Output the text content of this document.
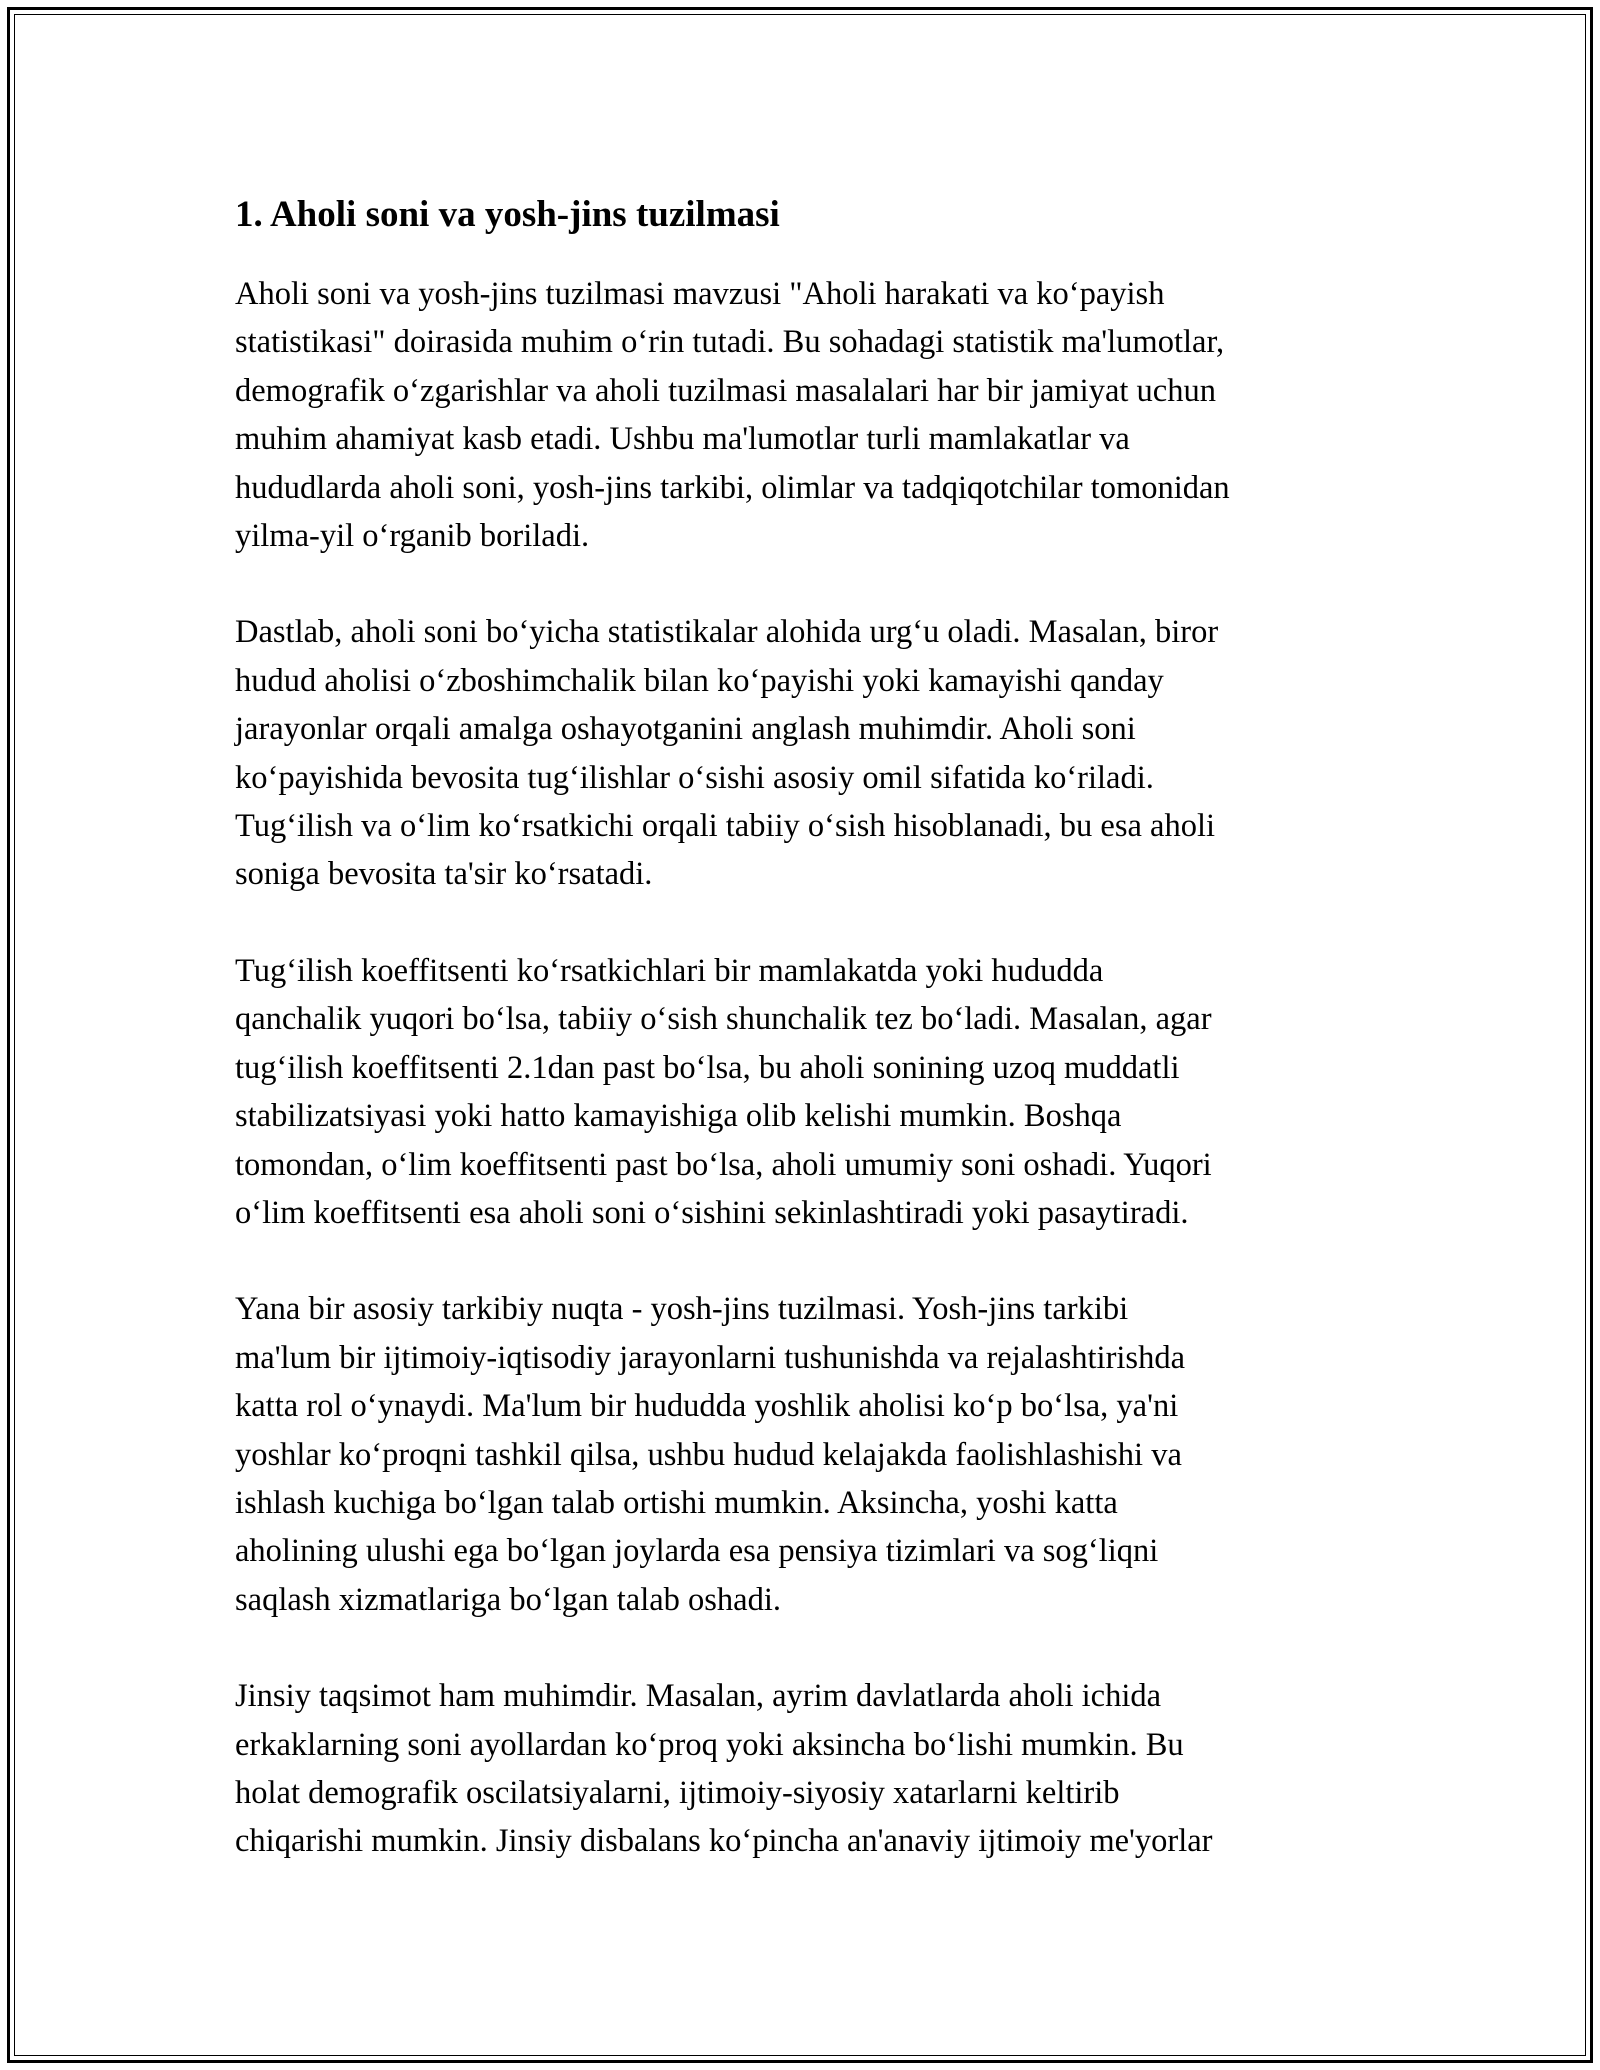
1. Aholi soni va yosh-jins tuzilmasi

Aholi soni va yosh-jins tuzilmasi mavzusi "Aholi harakati va ko‘payish
statistikasi" doirasida muhim o‘rin tutadi. Bu sohadagi statistik ma'lumotlar,
demografik o‘zgarishlar va aholi tuzilmasi masalalari har bir jamiyat uchun
muhim ahamiyat kasb etadi. Ushbu ma'lumotlar turli mamlakatlar va
hududlarda aholi soni, yosh-jins tarkibi, olimlar va tadqiqotchilar tomonidan
yilma-yil o‘rganib boriladi.

Dastlab, aholi soni bo‘yicha statistikalar alohida urg‘u oladi. Masalan, biror
hudud aholisi o‘zboshimchalik bilan ko‘payishi yoki kamayishi qanday
jarayonlar orqali amalga oshayotganini anglash muhimdir. Aholi soni
ko‘payishida bevosita tug‘ilishlar o‘sishi asosiy omil sifatida ko‘riladi.
Tug‘ilish va o‘lim ko‘rsatkichi orqali tabiiy o‘sish hisoblanadi, bu esa aholi
soniga bevosita ta'sir ko‘rsatadi.

Tug‘ilish koeffitsenti ko‘rsatkichlari bir mamlakatda yoki hududda
qanchalik yuqori bo‘lsa, tabiiy o‘sish shunchalik tez bo‘ladi. Masalan, agar
tug‘ilish koeffitsenti 2.1dan past bo‘lsa, bu aholi sonining uzoq muddatli
stabilizatsiyasi yoki hatto kamayishiga olib kelishi mumkin. Boshqa
tomondan, o‘lim koeffitsenti past bo‘lsa, aholi umumiy soni oshadi. Yuqori
o‘lim koeffitsenti esa aholi soni o‘sishini sekinlashtiradi yoki pasaytiradi.

Yana bir asosiy tarkibiy nuqta - yosh-jins tuzilmasi. Yosh-jins tarkibi
ma'lum bir ijtimoiy-iqtisodiy jarayonlarni tushunishda va rejalashtirishda
katta rol o‘ynaydi. Ma'lum bir hududda yoshlik aholisi ko‘p bo‘lsa, ya'ni
yoshlar ko‘proqni tashkil qilsa, ushbu hudud kelajakda faolishlashishi va
ishlash kuchiga bo‘lgan talab ortishi mumkin. Aksincha, yoshi katta
aholining ulushi ega bo‘lgan joylarda esa pensiya tizimlari va sog‘liqni
saqlash xizmatlariga bo‘lgan talab oshadi.

Jinsiy taqsimot ham muhimdir. Masalan, ayrim davlatlarda aholi ichida
erkaklarning soni ayollardan ko‘proq yoki aksincha bo‘lishi mumkin. Bu
holat demografik oscilatsiyalarni, ijtimoiy-siyosiy xatarlarni keltirib
chiqarishi mumkin. Jinsiy disbalans ko‘pincha an'anaviy ijtimoiy me'yorlar
